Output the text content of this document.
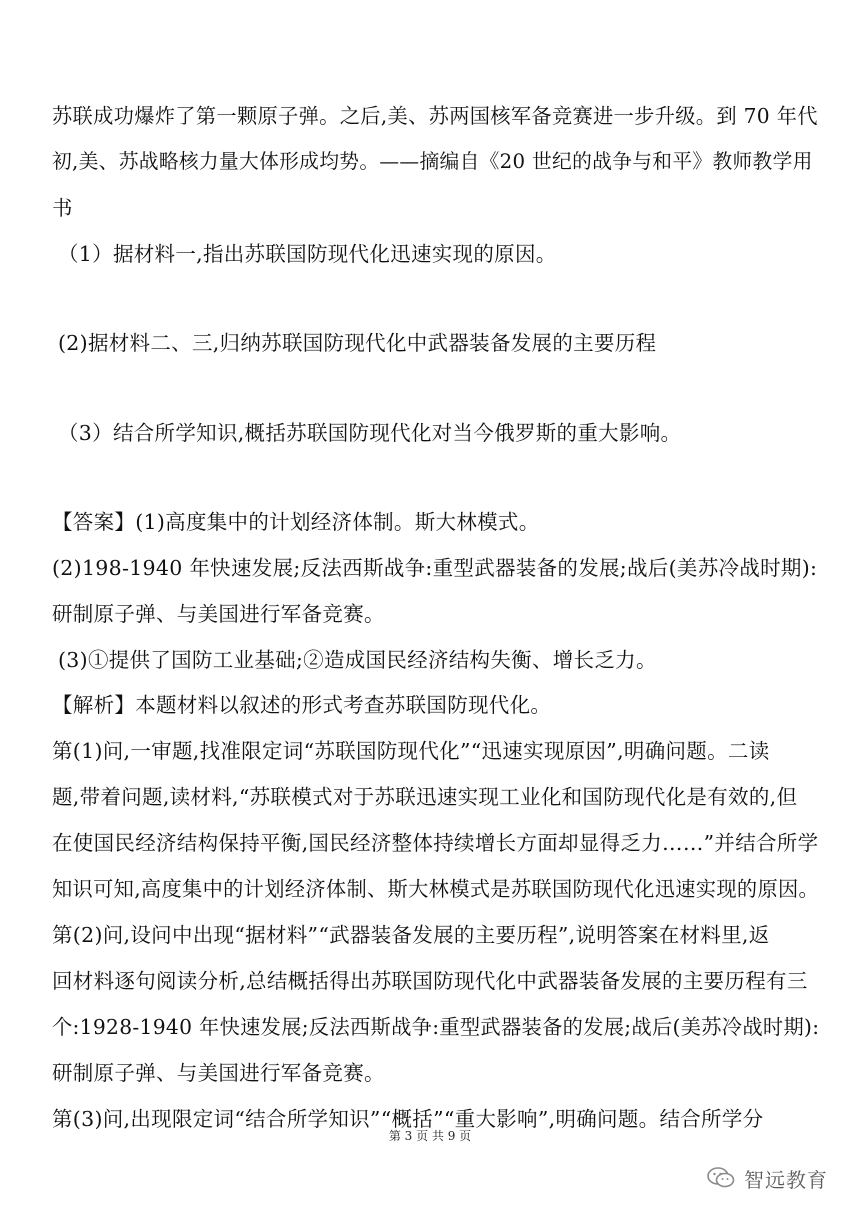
苏联成功爆炸了第一颗原子弹。之后,美、苏两国核军备竞赛进一步升级。到 70 年代
初,美、苏战略核力量大体形成均势。——摘编自《20 世纪的战争与和平》教师教学用
书
（1）据材料一,指出苏联国防现代化迅速实现的原因。
(2)据材料二、三,归纳苏联国防现代化中武器装备发展的主要历程
（3）结合所学知识,概括苏联国防现代化对当今俄罗斯的重大影响。
【答案】(1)高度集中的计划经济体制。斯大林模式。
(2)198-1940 年快速发展;反法西斯战争:重型武器装备的发展;战后(美苏冷战时期):
研制原子弹、与美国进行军备竞赛。
(3)①提供了国防工业基础;②造成国民经济结构失衡、增长乏力。
【解析】本题材料以叙述的形式考查苏联国防现代化。
第(1)问,一审题,找准限定词“苏联国防现代化”“迅速实现原因”,明确问题。二读
题,带着问题,读材料,“苏联模式对于苏联迅速实现工业化和国防现代化是有效的,但
在使国民经济结构保持平衡,国民经济整体持续增长方面却显得乏力……”并结合所学
知识可知,高度集中的计划经济体制、斯大林模式是苏联国防现代化迅速实现的原因。
第(2)问,设问中出现“据材料”“武器装备发展的主要历程”,说明答案在材料里,返
回材料逐句阅读分析,总结概括得出苏联国防现代化中武器装备发展的主要历程有三
个:1928-1940 年快速发展;反法西斯战争:重型武器装备的发展;战后(美苏冷战时期):
研制原子弹、与美国进行军备竞赛。
第(3)问,出现限定词“结合所学知识”“概括”“重大影响”,明确问题。结合所学分
第 3 页 共 9 页
智远教育
